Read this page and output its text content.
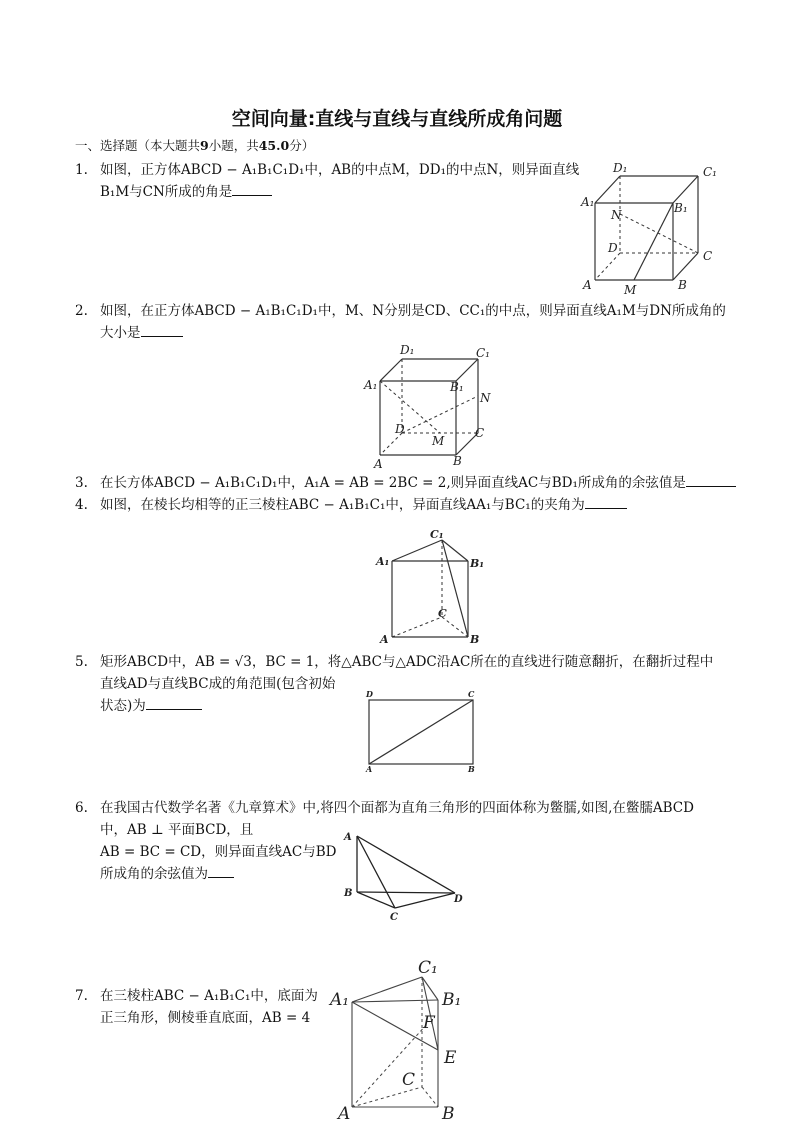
空间向量:直线与直线与直线所成角问题
一、选择题（本大题共9小题，共45.0分）
1. 如图，正方体ABCD − A₁B₁C₁D₁中，AB的中点M，DD₁的中点N，则异面直线
B₁M与CN所成的角是
D₁	C₁
A₁	B₁
N
D
C
A	M	B
2. 如图，在正方体ABCD − A₁B₁C₁D₁中，M、N分别是CD、CC₁的中点，则异面直线A₁M与DN所成角的
大小是
D₁	C₁
A₁	B₁
N
D
M
C
A	B
3. 在长方体ABCD − A₁B₁C₁D₁中，A₁A = AB = 2BC = 2,则异面直线AC与BD₁所成角的余弦值是
4. 如图，在棱长均相等的正三棱柱ABC − A₁B₁C₁中，异面直线AA₁与BC₁的夹角为
C₁
A₁	B₁
C
A	B
5. 矩形ABCD中，AB = √3，BC = 1，将△ABC与△ADC沿AC所在的直线进行随意翻折，在翻折过程中
直线AD与直线BC成的角范围(包含初始
状态)为
D	C
A	B
6. 在我国古代数学名著《九章算术》中,将四个面都为直角三角形的四面体称为鳖臑,如图,在鳖臑ABCD
中，AB ⊥ 平面BCD，且
AB = BC = CD，则异面直线AC与BD
所成角的余弦值为
A
B
C
D
7. 在三棱柱ABC − A₁B₁C₁中，底面为
正三角形，侧棱垂直底面，AB = 4
C₁
A₁	B₁
F
E
C
A	B
